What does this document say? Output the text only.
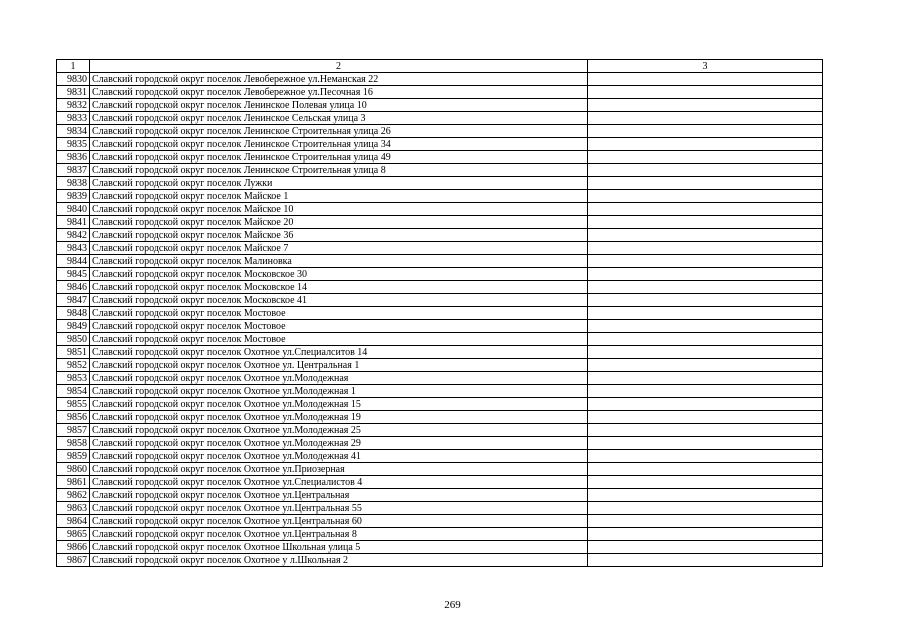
1	2	3
9830	Славский городской округ поселок Левобережное ул.Неманская 22	
9831	Славский городской округ поселок Левобережное ул.Песочная 16	
9832	Славский городской округ поселок Ленинское Полевая улица 10	
9833	Славский городской округ поселок Ленинское Сельская улица 3	
9834	Славский городской округ поселок Ленинское Строительная улица 26	
9835	Славский городской округ поселок Ленинское Строительная улица 34	
9836	Славский городской округ поселок Ленинское Строительная улица 49	
9837	Славский городской округ поселок Ленинское Строительная улица 8	
9838	Славский городской округ поселок Лужки	
9839	Славский городской округ поселок Майское 1	
9840	Славский городской округ поселок Майское 10	
9841	Славский городской округ поселок Майское 20	
9842	Славский городской округ поселок Майское 36	
9843	Славский городской округ поселок Майское 7	
9844	Славский городской округ поселок Малиновка	
9845	Славский городской округ поселок Московское 30	
9846	Славский городской округ поселок Московское 14	
9847	Славский городской округ поселок Московское 41	
9848	Славский городской округ поселок Мостовое	
9849	Славский городской округ поселок Мостовое	
9850	Славский городской округ поселок Мостовое	
9851	Славский городской округ поселок Охотное ул.Специалситов 14	
9852	Славский городской округ поселок Охотное ул. Центральная 1	
9853	Славский городской округ поселок Охотное ул.Молодежная	
9854	Славский городской округ поселок Охотное ул.Молодежная 1	
9855	Славский городской округ поселок Охотное ул.Молодежная 15	
9856	Славский городской округ поселок Охотное ул.Молодежная 19	
9857	Славский городской округ поселок Охотное ул.Молодежная 25	
9858	Славский городской округ поселок Охотное ул.Молодежная 29	
9859	Славский городской округ поселок Охотное ул.Молодежная 41	
9860	Славский городской округ поселок Охотное ул.Приозерная	
9861	Славский городской округ поселок Охотное ул.Специалистов 4	
9862	Славский городской округ поселок Охотное ул.Центральная	
9863	Славский городской округ поселок Охотное ул.Центральная 55	
9864	Славский городской округ поселок Охотное ул.Центральная 60	
9865	Славский городской округ поселок Охотное ул.Центральная 8	
9866	Славский городской округ поселок Охотное Школьная улица 5	
9867	Славский городской округ поселок Охотное у л.Школьная 2	
269
